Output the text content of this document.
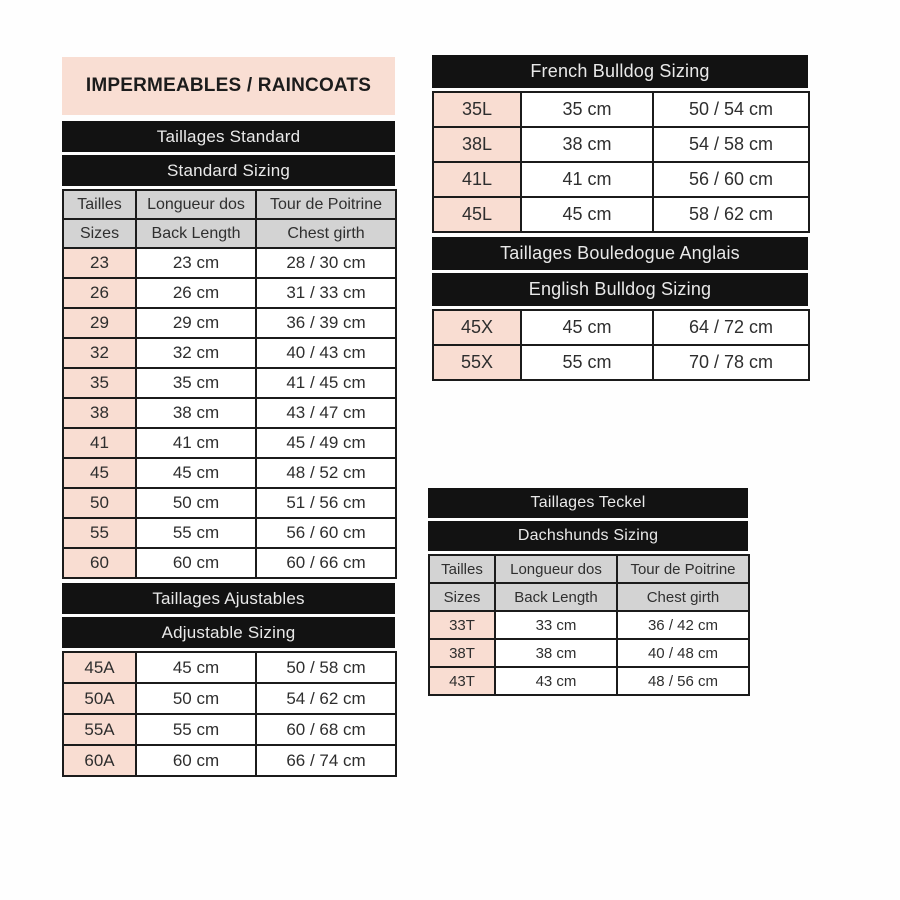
IMPERMEABLES / RAINCOATS
Taillages Standard
Standard Sizing
Tailles	Longueur dos	Tour de Poitrine
Sizes	Back Length	Chest girth
23	23 cm	28 / 30 cm
26	26 cm	31 / 33 cm
29	29 cm	36 / 39 cm
32	32 cm	40 / 43 cm
35	35 cm	41 / 45 cm
38	38 cm	43 / 47 cm
41	41 cm	45 / 49 cm
45	45 cm	48 / 52 cm
50	50 cm	51 / 56 cm
55	55 cm	56 / 60 cm
60	60 cm	60 / 66 cm
Taillages Ajustables
Adjustable Sizing
45A	45 cm	50 / 58 cm
50A	50 cm	54 / 62 cm
55A	55 cm	60 / 68 cm
60A	60 cm	66 / 74 cm
French Bulldog Sizing
35L	35 cm	50 / 54 cm
38L	38 cm	54 / 58 cm
41L	41 cm	56 / 60 cm
45L	45 cm	58 / 62 cm
Taillages Bouledogue Anglais
English Bulldog Sizing
45X	45 cm	64 / 72 cm
55X	55 cm	70 / 78 cm
Taillages Teckel
Dachshunds Sizing
Tailles	Longueur dos	Tour de Poitrine
Sizes	Back Length	Chest girth
33T	33 cm	36 / 42 cm
38T	38 cm	40 / 48 cm
43T	43 cm	48 / 56 cm
